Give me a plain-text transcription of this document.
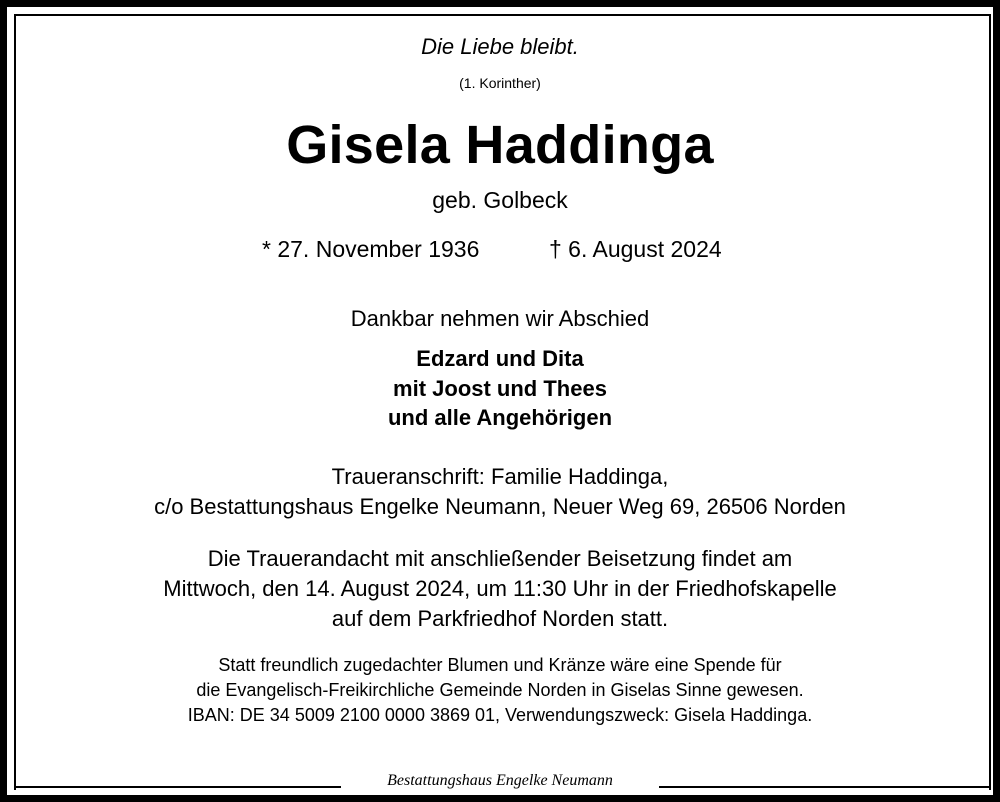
Die Liebe bleibt.
(1. Korinther)
Gisela Haddinga
geb. Golbeck
* 27. November 1936	† 6. August 2024
Dankbar nehmen wir Abschied
Edzard und Dita
mit Joost und Thees
und alle Angehörigen
Traueranschrift: Familie Haddinga,
c/o Bestattungshaus Engelke Neumann, Neuer Weg 69, 26506 Norden
Die Trauerandacht mit anschließender Beisetzung findet am
Mittwoch, den 14. August 2024, um 11:30 Uhr in der Friedhofskapelle
auf dem Parkfriedhof Norden statt.
Statt freundlich zugedachter Blumen und Kränze wäre eine Spende für
die Evangelisch-Freikirchliche Gemeinde Norden in Giselas Sinne gewesen.
IBAN: DE 34 5009 2100 0000 3869 01, Verwendungszweck: Gisela Haddinga.
Bestattungshaus Engelke Neumann
